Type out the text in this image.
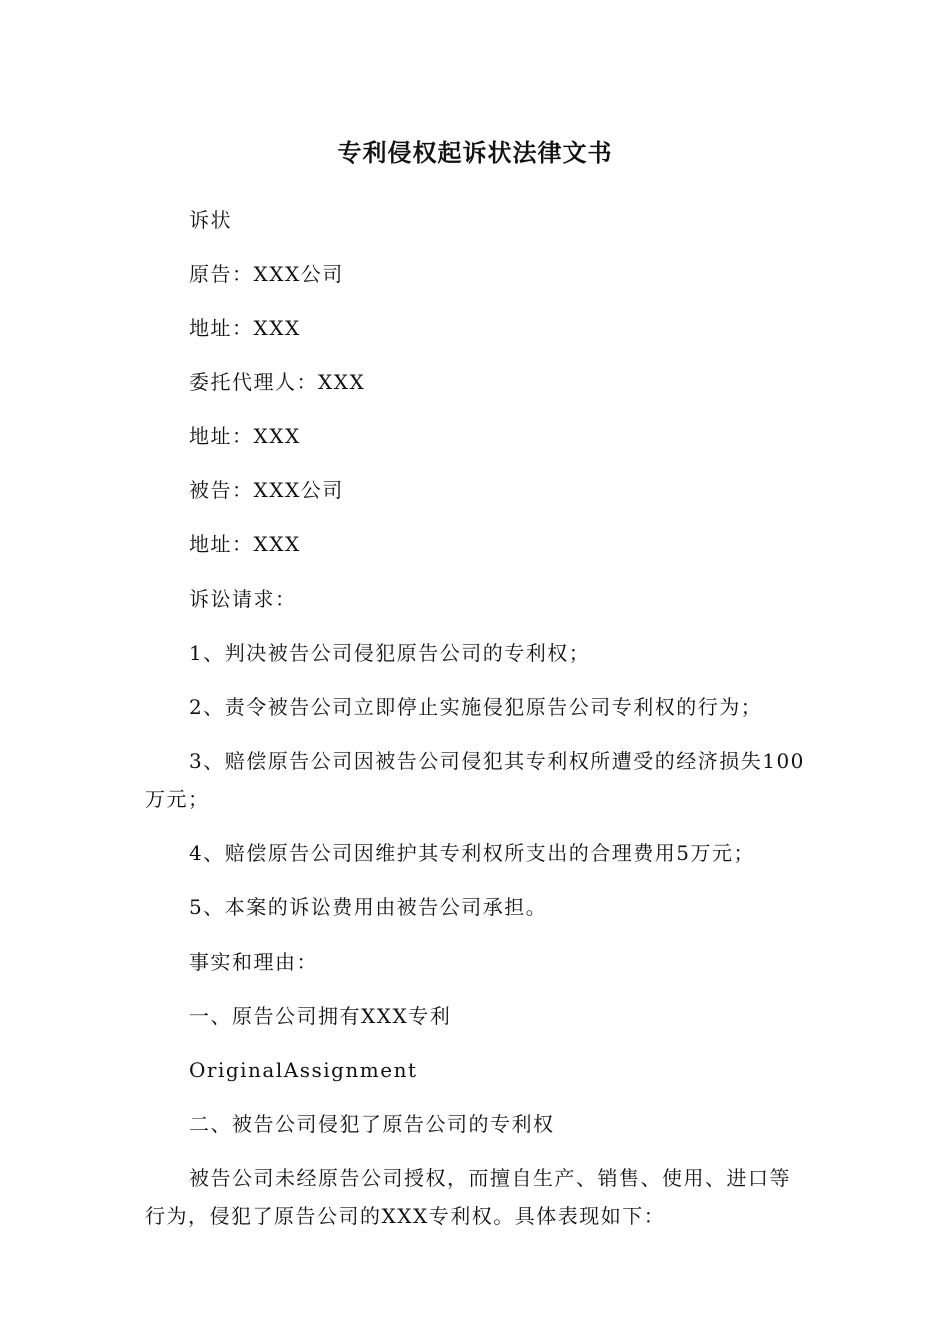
专利侵权起诉状法律文书

诉状

原告：XXX公司

地址：XXX

委托代理人：XXX

地址：XXX

被告：XXX公司

地址：XXX

诉讼请求：

1、判决被告公司侵犯原告公司的专利权；

2、责令被告公司立即停止实施侵犯原告公司专利权的行为；

3、赔偿原告公司因被告公司侵犯其专利权所遭受的经济损失100万元；

4、赔偿原告公司因维护其专利权所支出的合理费用5万元；

5、本案的诉讼费用由被告公司承担。

事实和理由：

一、原告公司拥有XXX专利

OriginalAssignment

二、被告公司侵犯了原告公司的专利权

被告公司未经原告公司授权，而擅自生产、销售、使用、进口等行为，侵犯了原告公司的XXX专利权。具体表现如下：
